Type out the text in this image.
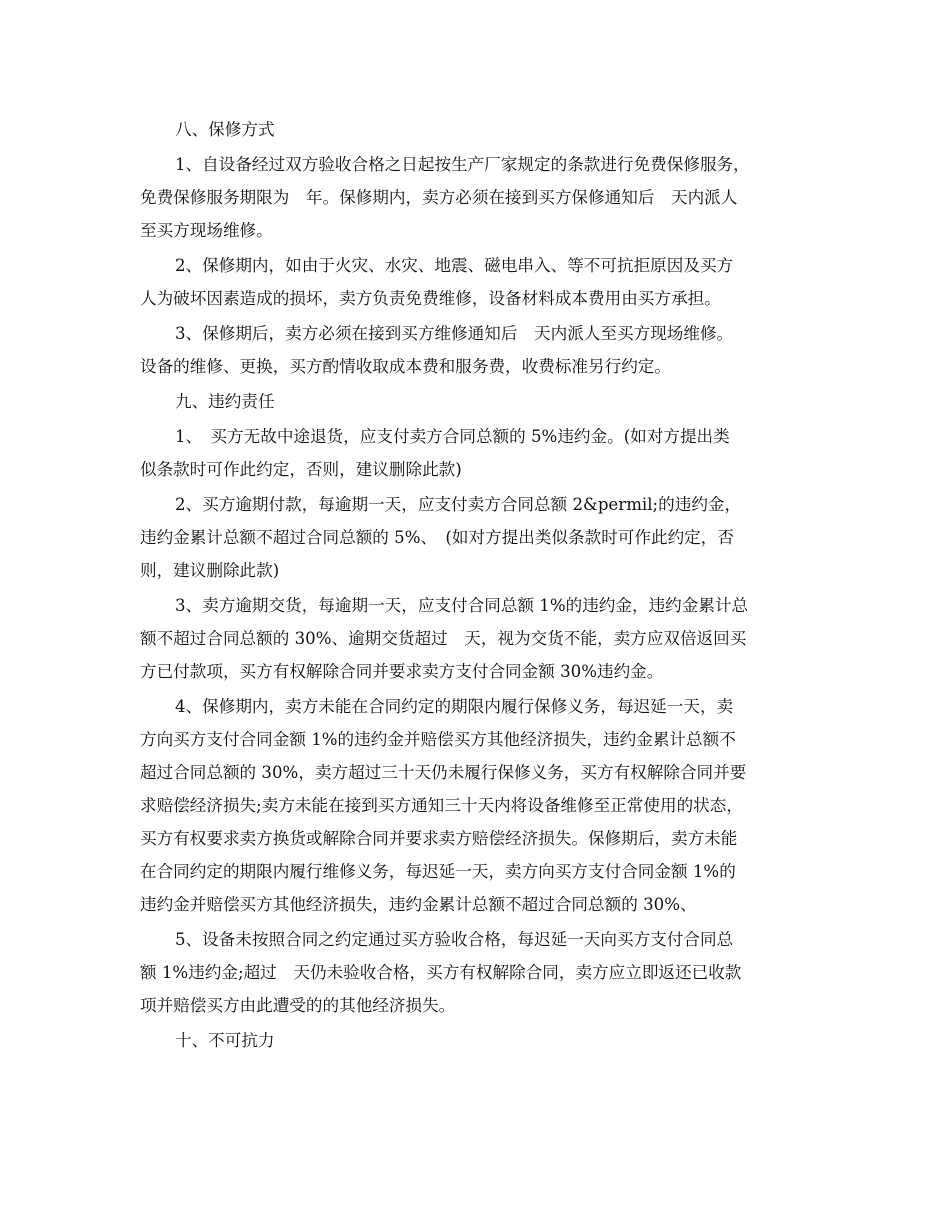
八、保修方式

1、自设备经过双方验收合格之日起按生产厂家规定的条款进行免费保修服务，
免费保修服务期限为　年。保修期内，卖方必须在接到买方保修通知后　天内派人
至买方现场维修。

2、保修期内，如由于火灾、水灾、地震、磁电串入、等不可抗拒原因及买方
人为破坏因素造成的损坏，卖方负责免费维修，设备材料成本费用由买方承担。

3、保修期后，卖方必须在接到买方维修通知后　天内派人至买方现场维修。
设备的维修、更换，买方酌情收取成本费和服务费，收费标准另行约定。

九、违约责任

1、　买方无故中途退货，应支付卖方合同总额的 5%违约金。(如对方提出类
似条款时可作此约定，否则，建议删除此款)

2、买方逾期付款，每逾期一天，应支付卖方合同总额 2&permil;的违约金，
违约金累计总额不超过合同总额的 5%、　(如对方提出类似条款时可作此约定，否
则，建议删除此款)

3、卖方逾期交货，每逾期一天，应支付合同总额 1%的违约金，违约金累计总
额不超过合同总额的 30%、逾期交货超过　天，视为交货不能，卖方应双倍返回买
方已付款项，买方有权解除合同并要求卖方支付合同金额 30%违约金。

4、保修期内，卖方未能在合同约定的期限内履行保修义务，每迟延一天，卖
方向买方支付合同金额 1%的违约金并赔偿买方其他经济损失，违约金累计总额不
超过合同总额的 30%，卖方超过三十天仍未履行保修义务，买方有权解除合同并要
求赔偿经济损失;卖方未能在接到买方通知三十天内将设备维修至正常使用的状态，
买方有权要求卖方换货或解除合同并要求卖方赔偿经济损失。保修期后，卖方未能
在合同约定的期限内履行维修义务，每迟延一天，卖方向买方支付合同金额 1%的
违约金并赔偿买方其他经济损失，违约金累计总额不超过合同总额的 30%、

5、设备未按照合同之约定通过买方验收合格，每迟延一天向买方支付合同总
额 1%违约金;超过　天仍未验收合格，买方有权解除合同，卖方应立即返还已收款
项并赔偿买方由此遭受的的其他经济损失。

十、不可抗力
